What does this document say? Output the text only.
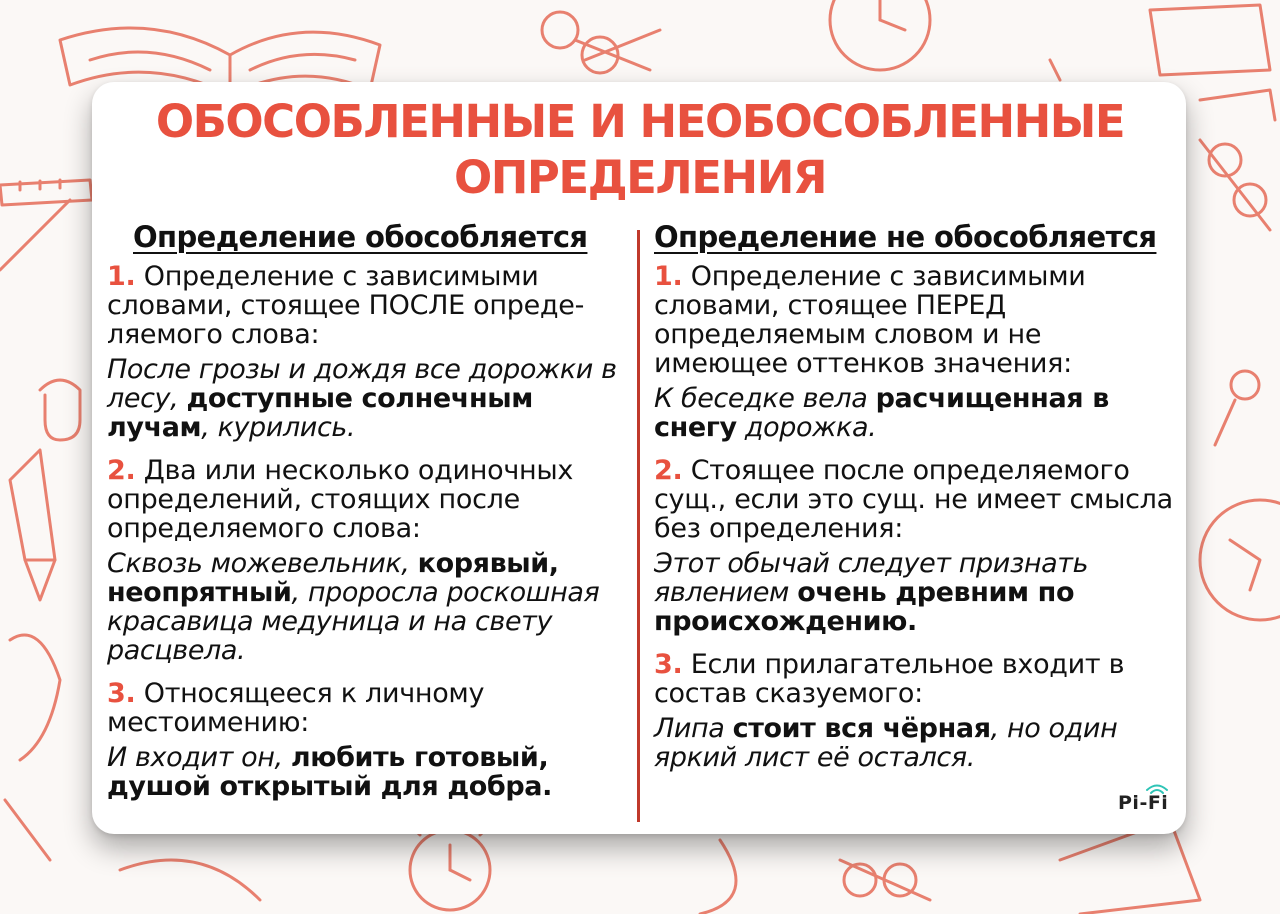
ОБОСОБЛЕННЫЕ И НЕОБОСОБЛЕННЫЕ
ОПРЕДЕЛЕНИЯ
Определение обособляется

1. Определение с зависимыми словами, стоящее ПОСЛЕ опреде-ляемого слова:

После грозы и дождя все дорожки в лесу, доступные солнечным лучам, курились.

2. Два или несколько одиночных определений, стоящих после определяемого слова:

Сквозь можевельник, корявый, неопрятный, проросла роскошная красавица медуница и на свету расцвела.

3. Относящееся к личному местоимению:

И входит он, любить готовый, душой открытый для добра.

Определение не обособляется

1. Определение с зависимыми словами, стоящее ПЕРЕД определяемым словом и не имеющее оттенков значения:

К беседке вела расчищенная в снегу дорожка.

2. Стоящее после определяемого сущ., если это сущ. не имеет смысла без определения:

Этот обычай следует признать явлением очень древним по происхождению.

3. Если прилагательное входит в состав сказуемого:

Липа стоит вся чёрная, но один яркий лист её остался.

Pi-Fi
